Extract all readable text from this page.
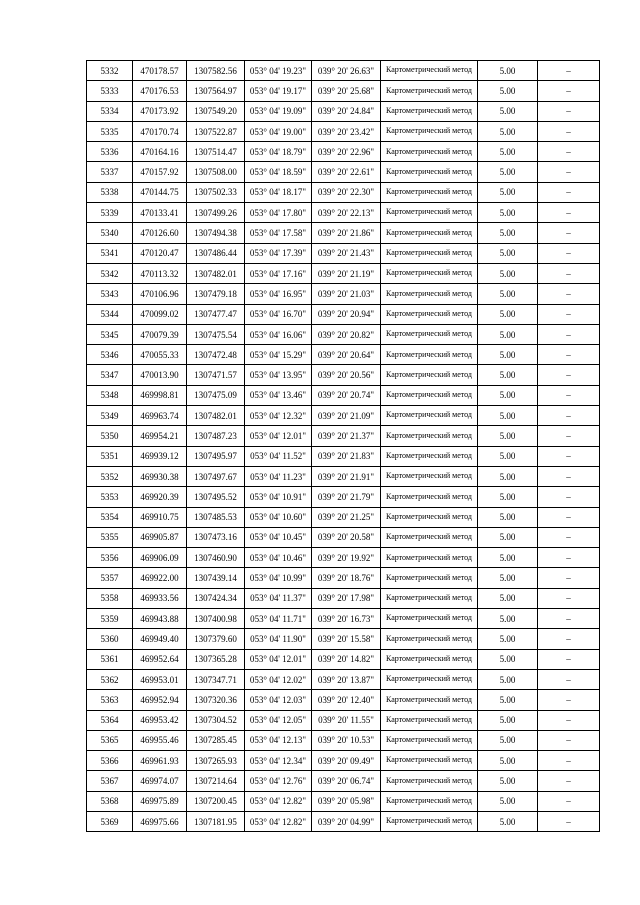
5332	470178.57	1307582.56	053° 04' 19.23"	039° 20' 26.63"	Картометрический метод	5.00	–
5333	470176.53	1307564.97	053° 04' 19.17"	039° 20' 25.68"	Картометрический метод	5.00	–
5334	470173.92	1307549.20	053° 04' 19.09"	039° 20' 24.84"	Картометрический метод	5.00	–
5335	470170.74	1307522.87	053° 04' 19.00"	039° 20' 23.42"	Картометрический метод	5.00	–
5336	470164.16	1307514.47	053° 04' 18.79"	039° 20' 22.96"	Картометрический метод	5.00	–
5337	470157.92	1307508.00	053° 04' 18.59"	039° 20' 22.61"	Картометрический метод	5.00	–
5338	470144.75	1307502.33	053° 04' 18.17"	039° 20' 22.30"	Картометрический метод	5.00	–
5339	470133.41	1307499.26	053° 04' 17.80"	039° 20' 22.13"	Картометрический метод	5.00	–
5340	470126.60	1307494.38	053° 04' 17.58"	039° 20' 21.86"	Картометрический метод	5.00	–
5341	470120.47	1307486.44	053° 04' 17.39"	039° 20' 21.43"	Картометрический метод	5.00	–
5342	470113.32	1307482.01	053° 04' 17.16"	039° 20' 21.19"	Картометрический метод	5.00	–
5343	470106.96	1307479.18	053° 04' 16.95"	039° 20' 21.03"	Картометрический метод	5.00	–
5344	470099.02	1307477.47	053° 04' 16.70"	039° 20' 20.94"	Картометрический метод	5.00	–
5345	470079.39	1307475.54	053° 04' 16.06"	039° 20' 20.82"	Картометрический метод	5.00	–
5346	470055.33	1307472.48	053° 04' 15.29"	039° 20' 20.64"	Картометрический метод	5.00	–
5347	470013.90	1307471.57	053° 04' 13.95"	039° 20' 20.56"	Картометрический метод	5.00	–
5348	469998.81	1307475.09	053° 04' 13.46"	039° 20' 20.74"	Картометрический метод	5.00	–
5349	469963.74	1307482.01	053° 04' 12.32"	039° 20' 21.09"	Картометрический метод	5.00	–
5350	469954.21	1307487.23	053° 04' 12.01"	039° 20' 21.37"	Картометрический метод	5.00	–
5351	469939.12	1307495.97	053° 04' 11.52"	039° 20' 21.83"	Картометрический метод	5.00	–
5352	469930.38	1307497.67	053° 04' 11.23"	039° 20' 21.91"	Картометрический метод	5.00	–
5353	469920.39	1307495.52	053° 04' 10.91"	039° 20' 21.79"	Картометрический метод	5.00	–
5354	469910.75	1307485.53	053° 04' 10.60"	039° 20' 21.25"	Картометрический метод	5.00	–
5355	469905.87	1307473.16	053° 04' 10.45"	039° 20' 20.58"	Картометрический метод	5.00	–
5356	469906.09	1307460.90	053° 04' 10.46"	039° 20' 19.92"	Картометрический метод	5.00	–
5357	469922.00	1307439.14	053° 04' 10.99"	039° 20' 18.76"	Картометрический метод	5.00	–
5358	469933.56	1307424.34	053° 04' 11.37"	039° 20' 17.98"	Картометрический метод	5.00	–
5359	469943.88	1307400.98	053° 04' 11.71"	039° 20' 16.73"	Картометрический метод	5.00	–
5360	469949.40	1307379.60	053° 04' 11.90"	039° 20' 15.58"	Картометрический метод	5.00	–
5361	469952.64	1307365.28	053° 04' 12.01"	039° 20' 14.82"	Картометрический метод	5.00	–
5362	469953.01	1307347.71	053° 04' 12.02"	039° 20' 13.87"	Картометрический метод	5.00	–
5363	469952.94	1307320.36	053° 04' 12.03"	039° 20' 12.40"	Картометрический метод	5.00	–
5364	469953.42	1307304.52	053° 04' 12.05"	039° 20' 11.55"	Картометрический метод	5.00	–
5365	469955.46	1307285.45	053° 04' 12.13"	039° 20' 10.53"	Картометрический метод	5.00	–
5366	469961.93	1307265.93	053° 04' 12.34"	039° 20' 09.49"	Картометрический метод	5.00	–
5367	469974.07	1307214.64	053° 04' 12.76"	039° 20' 06.74"	Картометрический метод	5.00	–
5368	469975.89	1307200.45	053° 04' 12.82"	039° 20' 05.98"	Картометрический метод	5.00	–
5369	469975.66	1307181.95	053° 04' 12.82"	039° 20' 04.99"	Картометрический метод	5.00	–
